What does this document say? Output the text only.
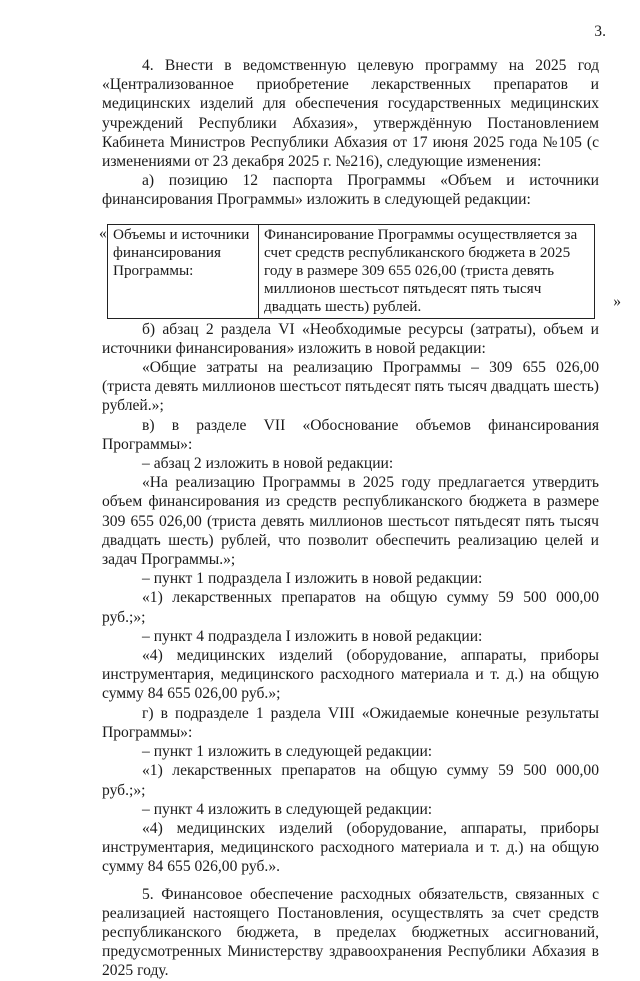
3.

4. Внести в ведомственную целевую программу на 2025 год «Централизованное приобретение лекарственных препаратов и медицинских изделий для обеспечения государственных медицинских учреждений Республики Абхазия», утверждённую Постановлением Кабинета Министров Республики Абхазия от 17 июня 2025 года №105 (с изменениями от 23 декабря 2025 г. №216), следующие изменения:

а) позицию 12 паспорта Программы «Объем и источники финансирования Программы» изложить в следующей редакции:

« Объемы и источники финансирования Программы:	Финансирование Программы осуществляется за счет средств республиканского бюджета в 2025 году в размере 309 655 026,00 (триста девять миллионов шестьсот пятьдесят пять тысяч двадцать шесть) рублей.	»

б) абзац 2 раздела VI «Необходимые ресурсы (затраты), объем и источники финансирования» изложить в новой редакции:

«Общие затраты на реализацию Программы – 309 655 026,00 (триста девять миллионов шестьсот пятьдесят пять тысяч двадцать шесть) рублей.»;

в) в разделе VII «Обоснование объемов финансирования Программы»:

– абзац 2 изложить в новой редакции:

«На реализацию Программы в 2025 году предлагается утвердить объем финансирования из средств республиканского бюджета в размере 309 655 026,00 (триста девять миллионов шестьсот пятьдесят пять тысяч двадцать шесть) рублей, что позволит обеспечить реализацию целей и задач Программы.»;

– пункт 1 подраздела I изложить в новой редакции:

«1) лекарственных препаратов на общую сумму 59 500 000,00 руб.;»;

– пункт 4 подраздела I изложить в новой редакции:

«4) медицинских изделий (оборудование, аппараты, приборы инструментария, медицинского расходного материала и т. д.) на общую сумму 84 655 026,00 руб.»;

г) в подразделе 1 раздела VIII «Ожидаемые конечные результаты Программы»:

– пункт 1 изложить в следующей редакции:

«1) лекарственных препаратов на общую сумму 59 500 000,00 руб.;»;

– пункт 4 изложить в следующей редакции:

«4) медицинских изделий (оборудование, аппараты, приборы инструментария, медицинского расходного материала и т. д.) на общую сумму 84 655 026,00 руб.».

5. Финансовое обеспечение расходных обязательств, связанных с реализацией настоящего Постановления, осуществлять за счет средств республиканского бюджета, в пределах бюджетных ассигнований, предусмотренных Министерству здравоохранения Республики Абхазия в 2025 году.
